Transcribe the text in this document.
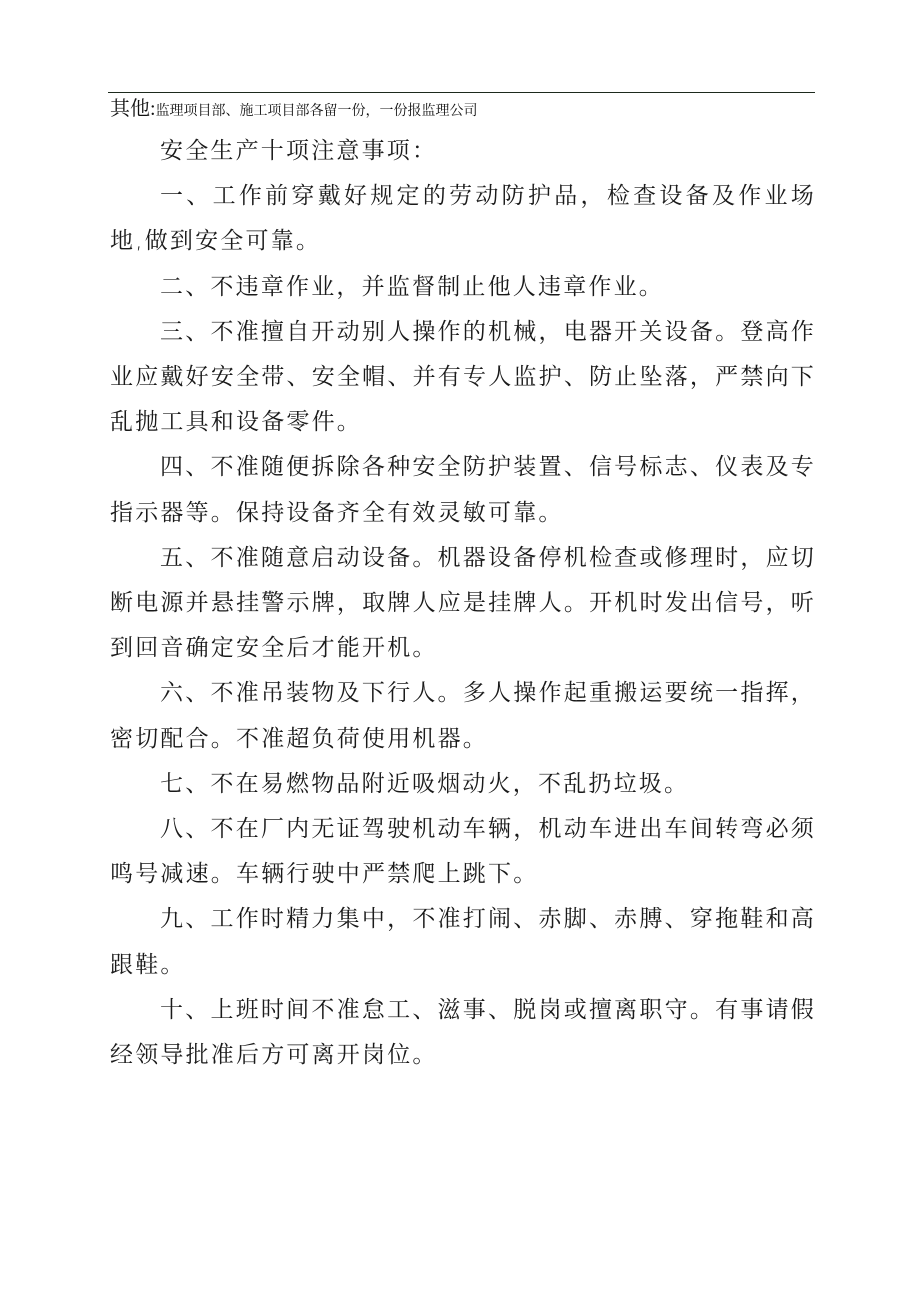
其他:监理项目部、施工项目部各留一份，一份报监理公司

安全生产十项注意事项：

一、工作前穿戴好规定的劳动防护品，检查设备及作业场地,做到安全可靠。

二、不违章作业，并监督制止他人违章作业。

三、不准擅自开动别人操作的机械，电器开关设备。登高作业应戴好安全带、安全帽、并有专人监护、防止坠落，严禁向下乱抛工具和设备零件。

四、不准随便拆除各种安全防护装置、信号标志、仪表及专指示器等。保持设备齐全有效灵敏可靠。

五、不准随意启动设备。机器设备停机检查或修理时，应切断电源并悬挂警示牌，取牌人应是挂牌人。开机时发出信号，听到回音确定安全后才能开机。

六、不准吊装物及下行人。多人操作起重搬运要统一指挥，密切配合。不准超负荷使用机器。

七、不在易燃物品附近吸烟动火，不乱扔垃圾。

八、不在厂内无证驾驶机动车辆，机动车进出车间转弯必须鸣号减速。车辆行驶中严禁爬上跳下。

九、工作时精力集中，不准打闹、赤脚、赤膊、穿拖鞋和高跟鞋。

十、上班时间不准怠工、滋事、脱岗或擅离职守。有事请假经领导批准后方可离开岗位。
